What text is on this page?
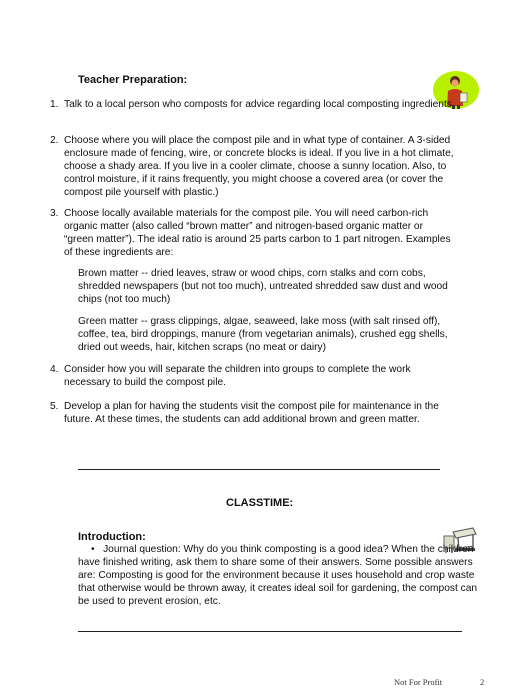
Teacher Preparation:
1. Talk to a local person who composts for advice regarding local composting ingredients
2. Choose where you will place the compost pile and in what type of container. A 3-sided enclosure made of fencing, wire, or concrete blocks is ideal. If you live in a hot climate, choose a shady area. If you live in a cooler climate, choose a sunny location. Also, to control moisture, if it rains frequently, you might choose a covered area (or cover the compost pile yourself with plastic.)
3. Choose locally available materials for the compost pile. You will need carbon-rich organic matter (also called “brown matter” and nitrogen-based organic matter or “green matter”). The ideal ratio is around 25 parts carbon to 1 part nitrogen. Examples of these ingredients are:
Brown matter -- dried leaves, straw or wood chips, corn stalks and corn cobs, shredded newspapers (but not too much), untreated shredded saw dust and wood chips (not too much)
Green matter -- grass clippings, algae, seaweed, lake moss (with salt rinsed off), coffee, tea, bird droppings, manure (from vegetarian animals), crushed egg shells, dried out weeds, hair, kitchen scraps (no meat or dairy)
4. Consider how you will separate the children into groups to complete the work necessary to build the compost pile.
5. Develop a plan for having the students visit the compost pile for maintenance in the future. At these times, the students can add additional brown and green matter.
CLASSTIME:
Introduction:
• Journal question: Why do you think composting is a good idea? When the children have finished writing, ask them to share some of their answers. Some possible answers are: Composting is good for the environment because it uses household and crop waste that otherwise would be thrown away, it creates ideal soil for gardening, the compost can be used to prevent erosion, etc.
Not For Profit	2
